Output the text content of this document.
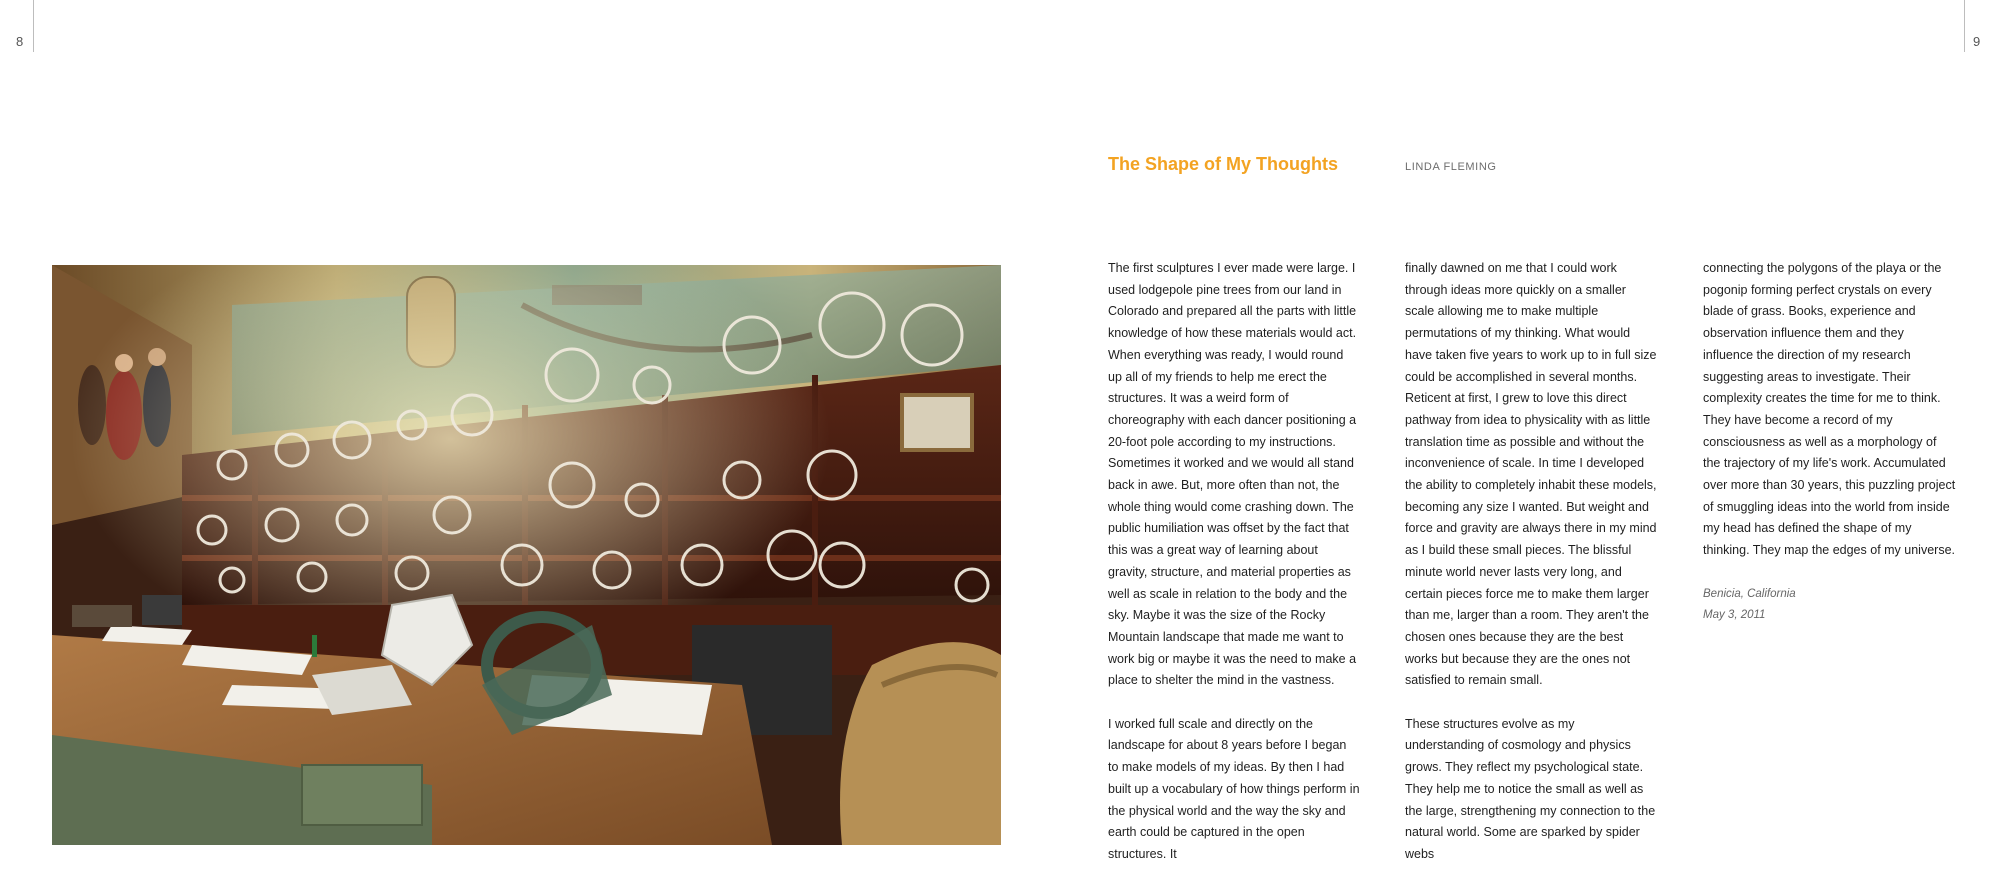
8	9
The Shape of My Thoughts	LINDA FLEMING

The first sculptures I ever made were large. I used lodgepole pine trees from our land in Colorado and prepared all the parts with little knowledge of how these materials would act. When everything was ready, I would round up all of my friends to help me erect the structures. It was a weird form of choreography with each dancer positioning a 20-foot pole according to my instructions. Sometimes it worked and we would all stand back in awe. But, more often than not, the whole thing would come crashing down. The public humiliation was offset by the fact that this was a great way of learning about gravity, structure, and material properties as well as scale in relation to the body and the sky. Maybe it was the size of the Rocky Mountain landscape that made me want to work big or maybe it was the need to make a place to shelter the mind in the vastness.

I worked full scale and directly on the landscape for about 8 years before I began to make models of my ideas. By then I had built up a vocabulary of how things perform in the physical world and the way the sky and earth could be captured in the open structures. It

finally dawned on me that I could work through ideas more quickly on a smaller scale allowing me to make multiple permutations of my thinking. What would have taken five years to work up to in full size could be accomplished in several months. Reticent at first, I grew to love this direct pathway from idea to physicality with as little translation time as possible and without the inconvenience of scale. In time I developed the ability to completely inhabit these models, becoming any size I wanted. But weight and force and gravity are always there in my mind as I build these small pieces. The blissful minute world never lasts very long, and certain pieces force me to make them larger than me, larger than a room. They aren't the chosen ones because they are the best works but because they are the ones not satisfied to remain small.

These structures evolve as my understanding of cosmology and physics grows. They reflect my psychological state. They help me to notice the small as well as the large, strengthening my connection to the natural world. Some are sparked by spider webs

connecting the polygons of the playa or the pogonip forming perfect crystals on every blade of grass. Books, experience and observation influence them and they influence the direction of my research suggesting areas to investigate. Their complexity creates the time for me to think. They have become a record of my consciousness as well as a morphology of the trajectory of my life's work. Accumulated over more than 30 years, this puzzling project of smuggling ideas into the world from inside my head has defined the shape of my thinking. They map the edges of my universe.

Benicia, California
May 3, 2011
